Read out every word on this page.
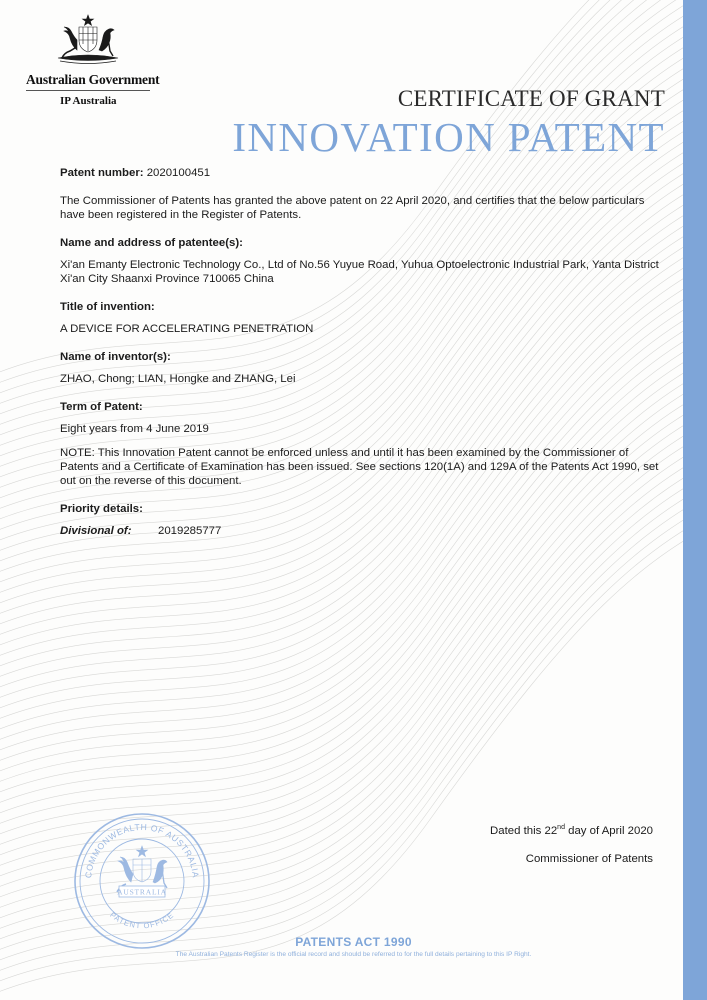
Australian Government
IP Australia	CERTIFICATE OF GRANT
INNOVATION PATENT

Patent number: 2020100451

The Commissioner of Patents has granted the above patent on 22 April 2020, and certifies that the below particulars have been registered in the Register of Patents.

Name and address of patentee(s):

Xi'an Emanty Electronic Technology Co., Ltd of No.56 Yuyue Road, Yuhua Optoelectronic Industrial Park, Yanta District Xi'an City Shaanxi Province 710065 China

Title of invention:

A DEVICE FOR ACCELERATING PENETRATION

Name of inventor(s):

ZHAO, Chong; LIAN, Hongke and ZHANG, Lei

Term of Patent:

Eight years from 4 June 2019

NOTE: This Innovation Patent cannot be enforced unless and until it has been examined by the Commissioner of Patents and a Certificate of Examination has been issued. See sections 120(1A) and 129A of the Patents Act 1990, set out on the reverse of this document.

Priority details:

Divisional of: 2019285777

Dated this 22nd day of April 2020
Commissioner of Patents
COMMONWEALTH OF AUSTRALIA
PATENT OFFICE
AUSTRALIA
PATENTS ACT 1990
The Australian Patents Register is the official record and should be referred to for the full details pertaining to this IP Right.
